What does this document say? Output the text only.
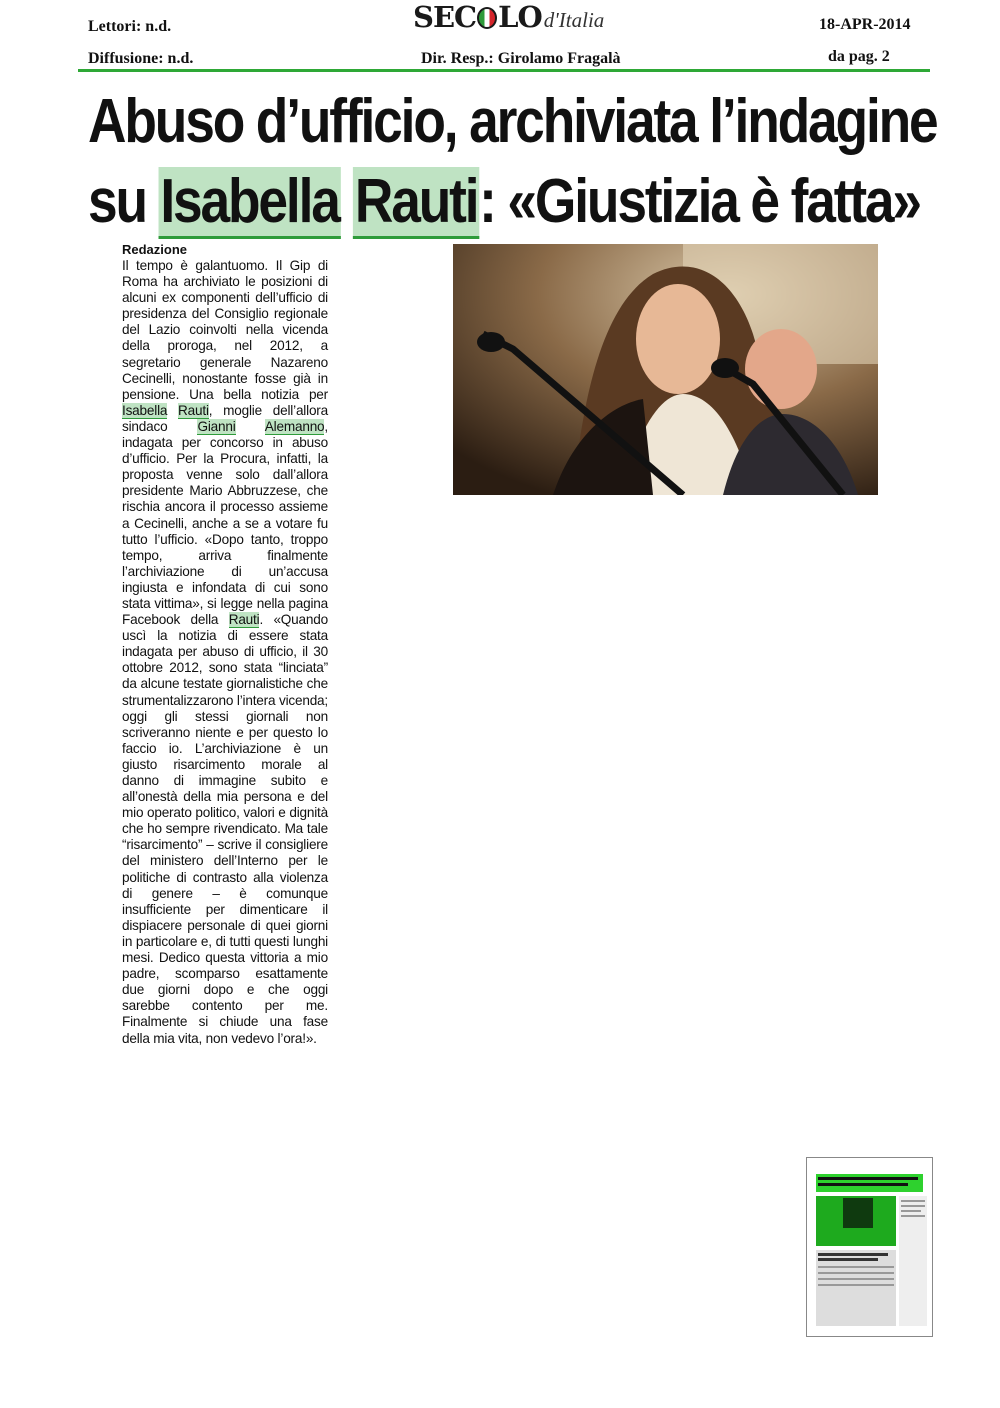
Lettori: n.d.
Diffusione: n.d.
SEC LO d'Italia	18-APR-2014
Dir. Resp.: Girolamo Fragalà	da pag. 2
Abuso d’ufficio, archiviata l’indagine
su Isabella Rauti: «Giustizia è fatta»
Redazione

Il tempo è galantuomo. Il Gip di Roma ha archiviato le posizioni di alcuni ex componenti dell’ufficio di presidenza del Consiglio regionale del Lazio coinvolti nella vicenda della proroga, nel 2012, a segretario generale Nazareno Cecinelli, nonostante fosse già in pensione. Una bella notizia per Isabella Rauti, moglie dell’allora sindaco Gianni Alemanno, indagata per concorso in abuso d’ufficio. Per la Procura, infatti, la proposta venne solo dall’allora presidente Mario Abbruzzese, che rischia ancora il processo assieme a Cecinelli, anche a se a votare fu tutto l’ufficio. «Dopo tanto, troppo tempo, arriva finalmente l’archiviazione di un’accusa ingiusta e infondata di cui sono stata vittima», si legge nella pagina Facebook della Rauti. «Quando uscì la notizia di essere stata indagata per abuso di ufficio, il 30 ottobre 2012, sono stata “linciata” da alcune testate giornalistiche che strumentalizzarono l’intera vicenda; oggi gli stessi giornali non scriveranno niente e per questo lo faccio io. L’archiviazione è un giusto risarcimento morale al danno di immagine subito e all’onestà della mia persona e del mio operato politico, valori e dignità che ho sempre rivendicato. Ma tale “risarcimento” – scrive il consigliere del ministero dell’Interno per le politiche di contrasto alla violenza di genere – è comunque insufficiente per dimenticare il dispiacere personale di quei giorni in particolare e, di tutti questi lunghi mesi. Dedico questa vittoria a mio padre, scomparso esattamente due giorni dopo e che oggi sarebbe contento per me. Finalmente si chiude una fase della mia vita, non vedevo l’ora!».
